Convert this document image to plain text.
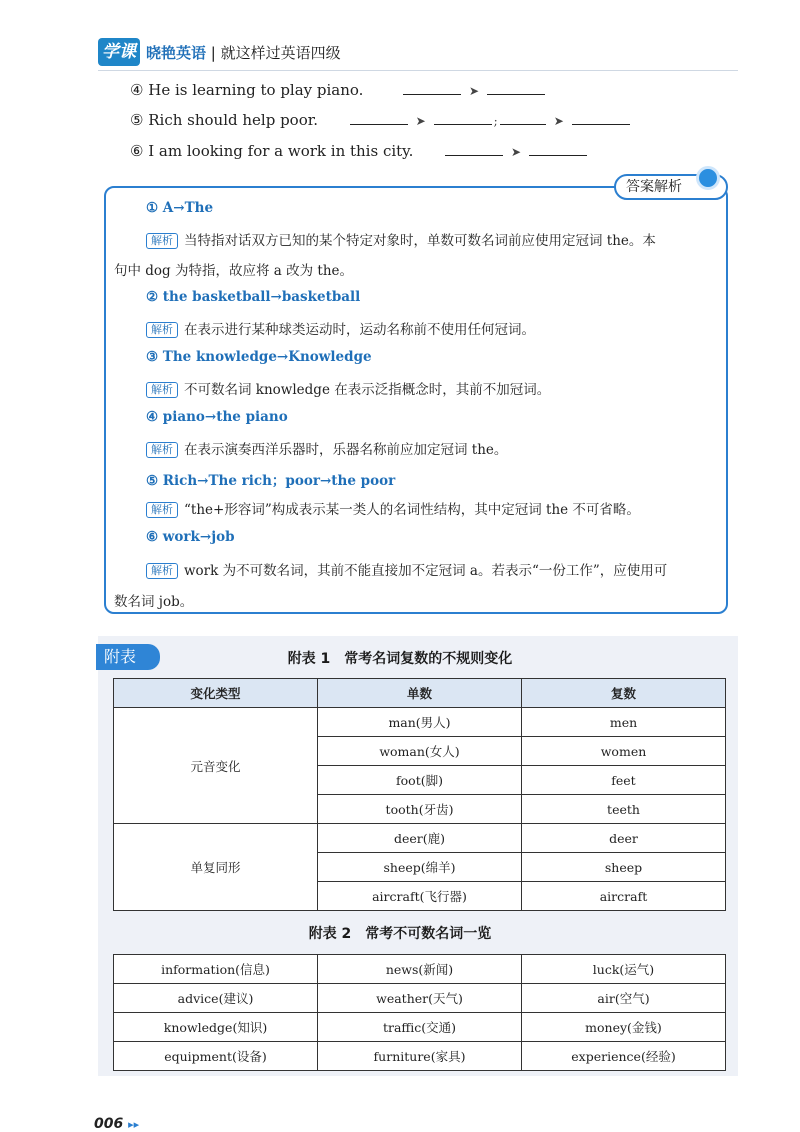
学课 晓艳英语 | 就这样过英语四级
④ He is learning to play piano.	➤
⑤ Rich should help poor.	➤	;	➤
⑥ I am looking for a work in this city.	➤
答案解析
① A→The
解析 当特指对话双方已知的某个特定对象时，单数可数名词前应使用定冠词 the。本
句中 dog 为特指，故应将 a 改为 the。
② the basketball→basketball
解析 在表示进行某种球类运动时，运动名称前不使用任何冠词。
③ The knowledge→Knowledge
解析 不可数名词 knowledge 在表示泛指概念时，其前不加冠词。
④ piano→the piano
解析 在表示演奏西洋乐器时，乐器名称前应加定冠词 the。
⑤ Rich→The rich；poor→the poor
解析 “the+形容词”构成表示某一类人的名词性结构，其中定冠词 the 不可省略。
⑥ work→job
解析 work 为不可数名词，其前不能直接加不定冠词 a。若表示“一份工作”，应使用可
数名词 job。
附表	附表 1　常考名词复数的不规则变化
变化类型	单数	复数
元音变化	man(男人)	men
	woman(女人)	women
	foot(脚)	feet
	tooth(牙齿)	teeth
单复同形	deer(鹿)	deer
	sheep(绵羊)	sheep
	aircraft(飞行器)	aircraft
附表 2　常考不可数名词一览
information(信息)	news(新闻)	luck(运气)
advice(建议)	weather(天气)	air(空气)
knowledge(知识)	traffic(交通)	money(金钱)
equipment(设备)	furniture(家具)	experience(经验)
006 ▸▸
